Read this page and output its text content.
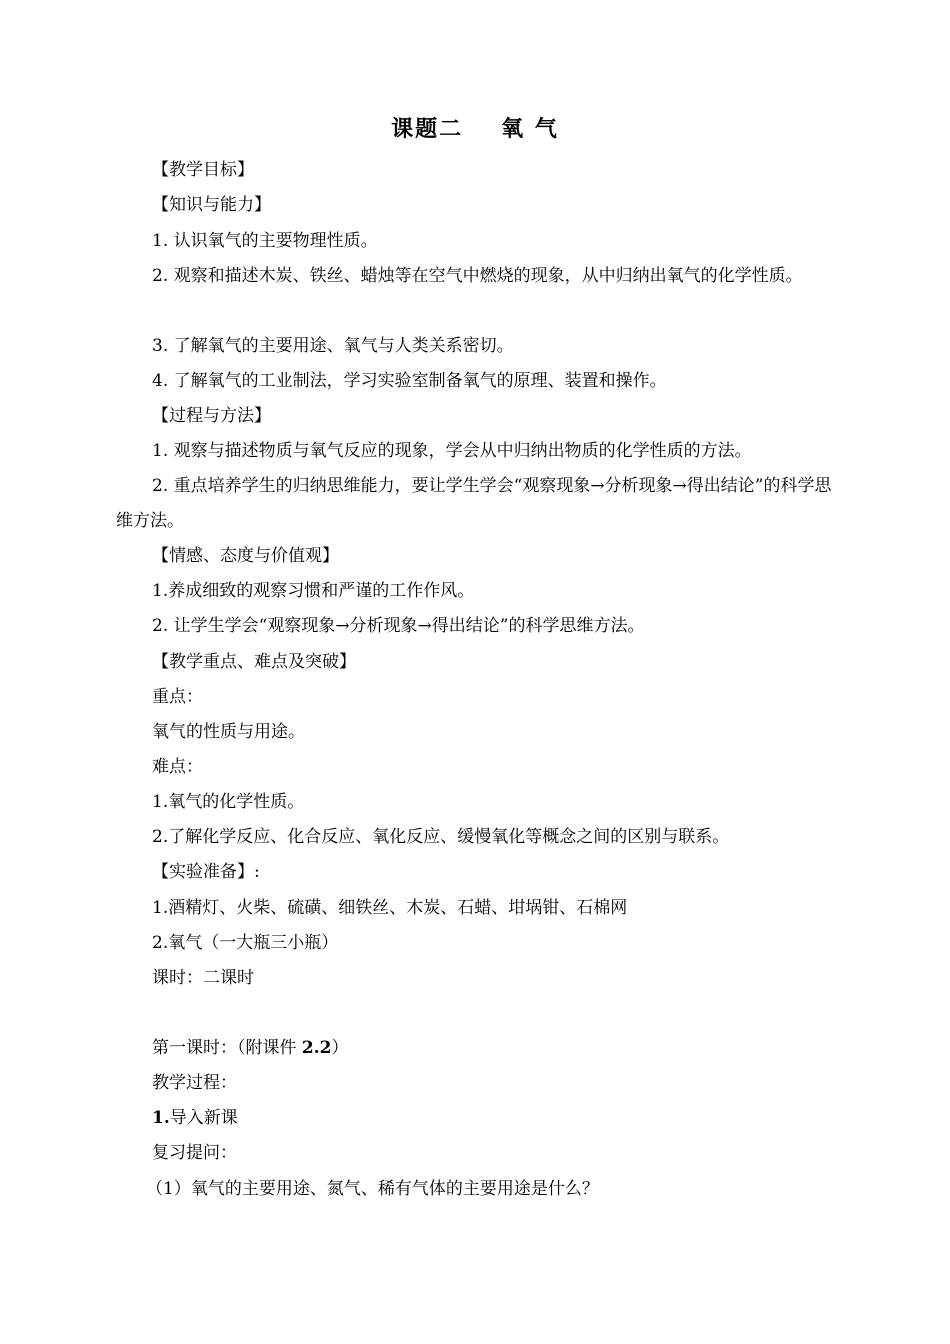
课题二 氧 气
【教学目标】
【知识与能力】
1. 认识氧气的主要物理性质。
2. 观察和描述木炭、铁丝、蜡烛等在空气中燃烧的现象，从中归纳出氧气的化学性质。
3. 了解氧气的主要用途、氧气与人类关系密切。
4. 了解氧气的工业制法，学习实验室制备氧气的原理、装置和操作。
【过程与方法】
1. 观察与描述物质与氧气反应的现象，学会从中归纳出物质的化学性质的方法。
2. 重点培养学生的归纳思维能力，要让学生学会“观察现象→分析现象→得出结论”的科学思维方法。
【情感、态度与价值观】
1.养成细致的观察习惯和严谨的工作作风。
2. 让学生学会“观察现象→分析现象→得出结论”的科学思维方法。
【教学重点、难点及突破】
重点：
氧气的性质与用途。
难点：
1.氧气的化学性质。
2.了解化学反应、化合反应、氧化反应、缓慢氧化等概念之间的区别与联系。
【实验准备】:
1.酒精灯、火柴、硫磺、细铁丝、木炭、石蜡、坩埚钳、石棉网
2.氧气（一大瓶三小瓶）
课时：二课时
第一课时：（附课件 2.2）
教学过程：
1.导入新课
复习提问：
（1）氧气的主要用途、氮气、稀有气体的主要用途是什么？
